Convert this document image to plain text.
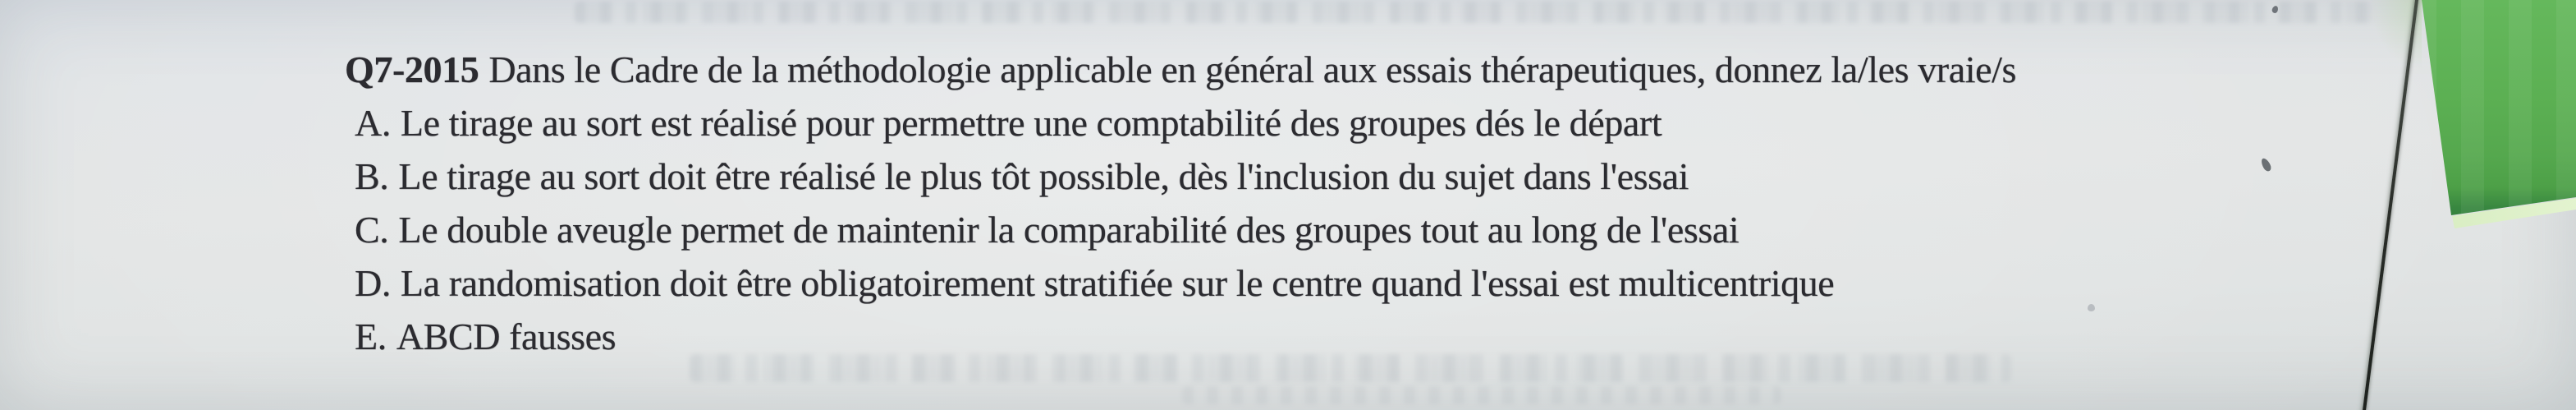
Q7-2015 Dans le Cadre de la méthodologie applicable en général aux essais thérapeutiques, donnez la/les vraie/s
A. Le tirage au sort est réalisé pour permettre une comptabilité des groupes dés le départ
B. Le tirage au sort doit être réalisé le plus tôt possible, dès l'inclusion du sujet dans l'essai
C. Le double aveugle permet de maintenir la comparabilité des groupes tout au long de l'essai
D. La randomisation doit être obligatoirement stratifiée sur le centre quand l'essai est multicentrique
E. ABCD fausses
